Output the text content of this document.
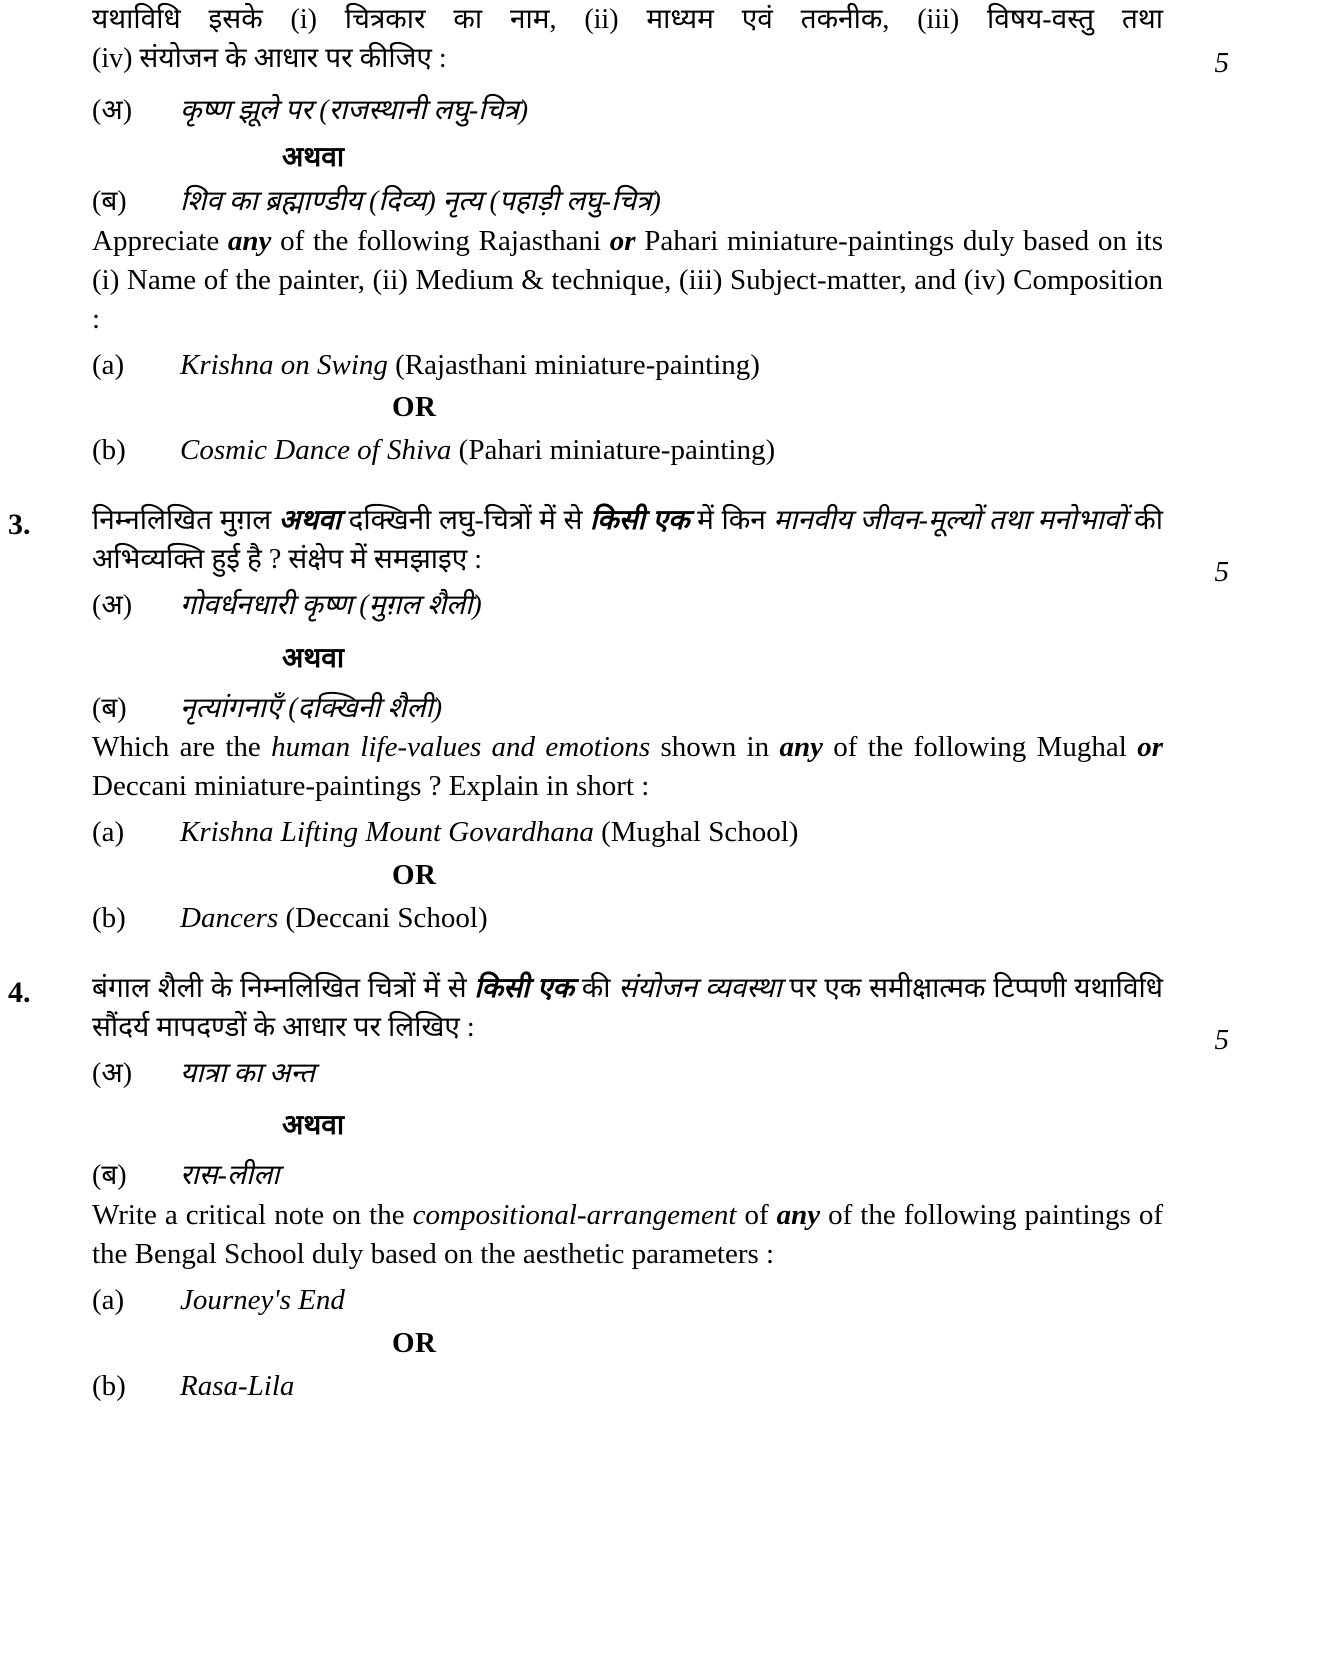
5
यथाविधि इसके (i) चित्रकार का नाम, (ii) माध्यम एवं तकनीक, (iii) विषय-वस्तु तथा
(iv) संयोजन के आधार पर कीजिए :
(अ) कृष्ण झूले पर (राजस्थानी लघु-चित्र)
अथवा
(ब) शिव का ब्रह्माण्डीय (दिव्य) नृत्य (पहाड़ी लघु-चित्र)
Appreciate any of the following Rajasthani or Pahari miniature-paintings duly based on its (i) Name of the painter, (ii) Medium & technique, (iii) Subject-matter, and (iv) Composition :
(a) Krishna on Swing (Rajasthani miniature-painting)
OR
(b) Cosmic Dance of Shiva (Pahari miniature-painting)
3.
5
निम्नलिखित मुग़ल अथवा दक्खिनी लघु-चित्रों में से किसी एक में किन मानवीय जीवन-मूल्यों तथा मनोभावों की अभिव्यक्ति हुई है ? संक्षेप में समझाइए :
(अ) गोवर्धनधारी कृष्ण (मुग़ल शैली)
अथवा
(ब) नृत्यांगनाएँ (दक्खिनी शैली)
Which are the human life-values and emotions shown in any of the following Mughal or Deccani miniature-paintings ? Explain in short :
(a) Krishna Lifting Mount Govardhana (Mughal School)
OR
(b) Dancers (Deccani School)
4.
5
बंगाल शैली के निम्नलिखित चित्रों में से किसी एक की संयोजन व्यवस्था पर एक समीक्षात्मक टिप्पणी यथाविधि सौंदर्य मापदण्डों के आधार पर लिखिए :
(अ) यात्रा का अन्त
अथवा
(ब) रास-लीला
Write a critical note on the compositional-arrangement of any of the following paintings of the Bengal School duly based on the aesthetic parameters :
(a) Journey's End
OR
(b) Rasa-Lila
